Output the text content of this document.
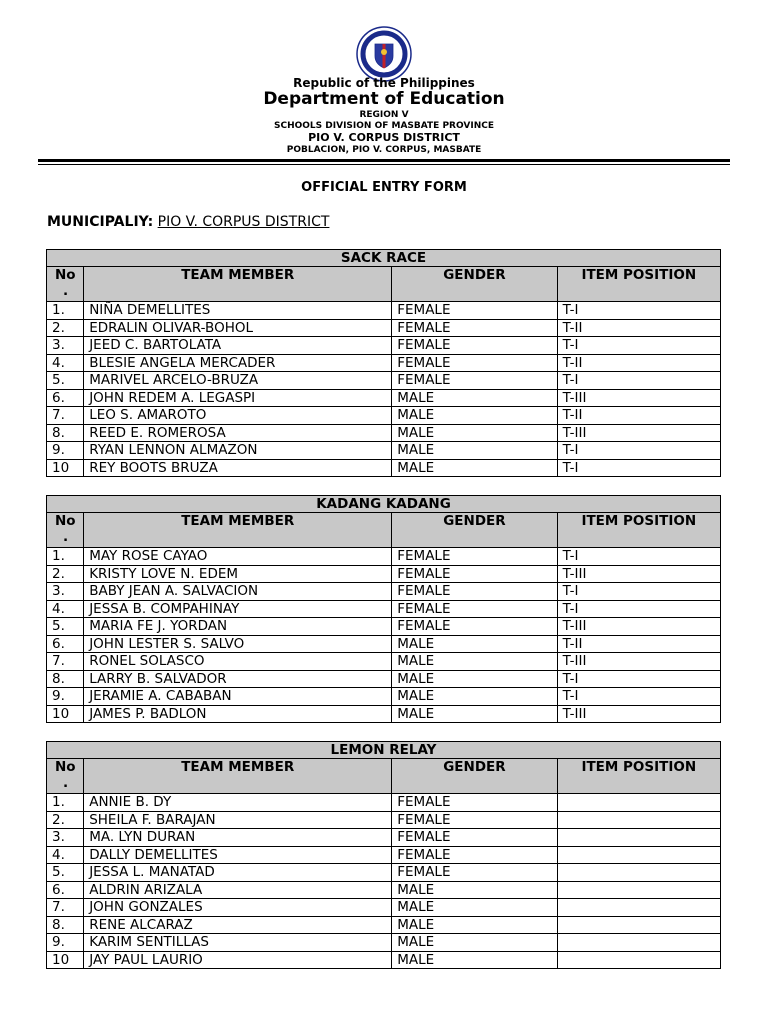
Republic of the Philippines
Department of Education
REGION V
SCHOOLS DIVISION OF MASBATE PROVINCE
PIO V. CORPUS DISTRICT
POBLACION, PIO V. CORPUS, MASBATE
OFFICIAL ENTRY FORM
MUNICIPALIY: PIO V. CORPUS DISTRICT
SACK RACE			

No
.	TEAM MEMBER	GENDER	ITEM POSITION
1.	NIÑA DEMELLITES	FEMALE	T-I
2.	EDRALIN OLIVAR-BOHOL	FEMALE	T-II
3.	JEED C. BARTOLATA	FEMALE	T-I
4.	BLESIE ANGELA MERCADER	FEMALE	T-II
5.	MARIVEL ARCELO-BRUZA	FEMALE	T-I
6.	JOHN REDEM A. LEGASPI	MALE	T-III
7.	LEO S. AMAROTO	MALE	T-II
8.	REED E. ROMEROSA	MALE	T-III
9.	RYAN LENNON ALMAZON	MALE	T-I
10	REY BOOTS BRUZA	MALE	T-I
KADANG KADANG			

No
.	TEAM MEMBER	GENDER	ITEM POSITION
1.	MAY ROSE CAYAO	FEMALE	T-I
2.	KRISTY LOVE N. EDEM	FEMALE	T-III
3.	BABY JEAN A. SALVACION	FEMALE	T-I
4.	JESSA B. COMPAHINAY	FEMALE	T-I
5.	MARIA FE J. YORDAN	FEMALE	T-III
6.	JOHN LESTER S. SALVO	MALE	T-II
7.	RONEL SOLASCO	MALE	T-III
8.	LARRY B. SALVADOR	MALE	T-I
9.	JERAMIE A. CABABAN	MALE	T-I
10	JAMES P. BADLON	MALE	T-III
LEMON RELAY			

No
.	TEAM MEMBER	GENDER	ITEM POSITION
1.	ANNIE B. DY	FEMALE	
2.	SHEILA F. BARAJAN	FEMALE	
3.	MA. LYN DURAN	FEMALE	
4.	DALLY DEMELLITES	FEMALE	
5.	JESSA L. MANATAD	FEMALE	
6.	ALDRIN ARIZALA	MALE	
7.	JOHN GONZALES	MALE	
8.	RENE ALCARAZ	MALE	
9.	KARIM SENTILLAS	MALE	
10	JAY PAUL LAURIO	MALE	
